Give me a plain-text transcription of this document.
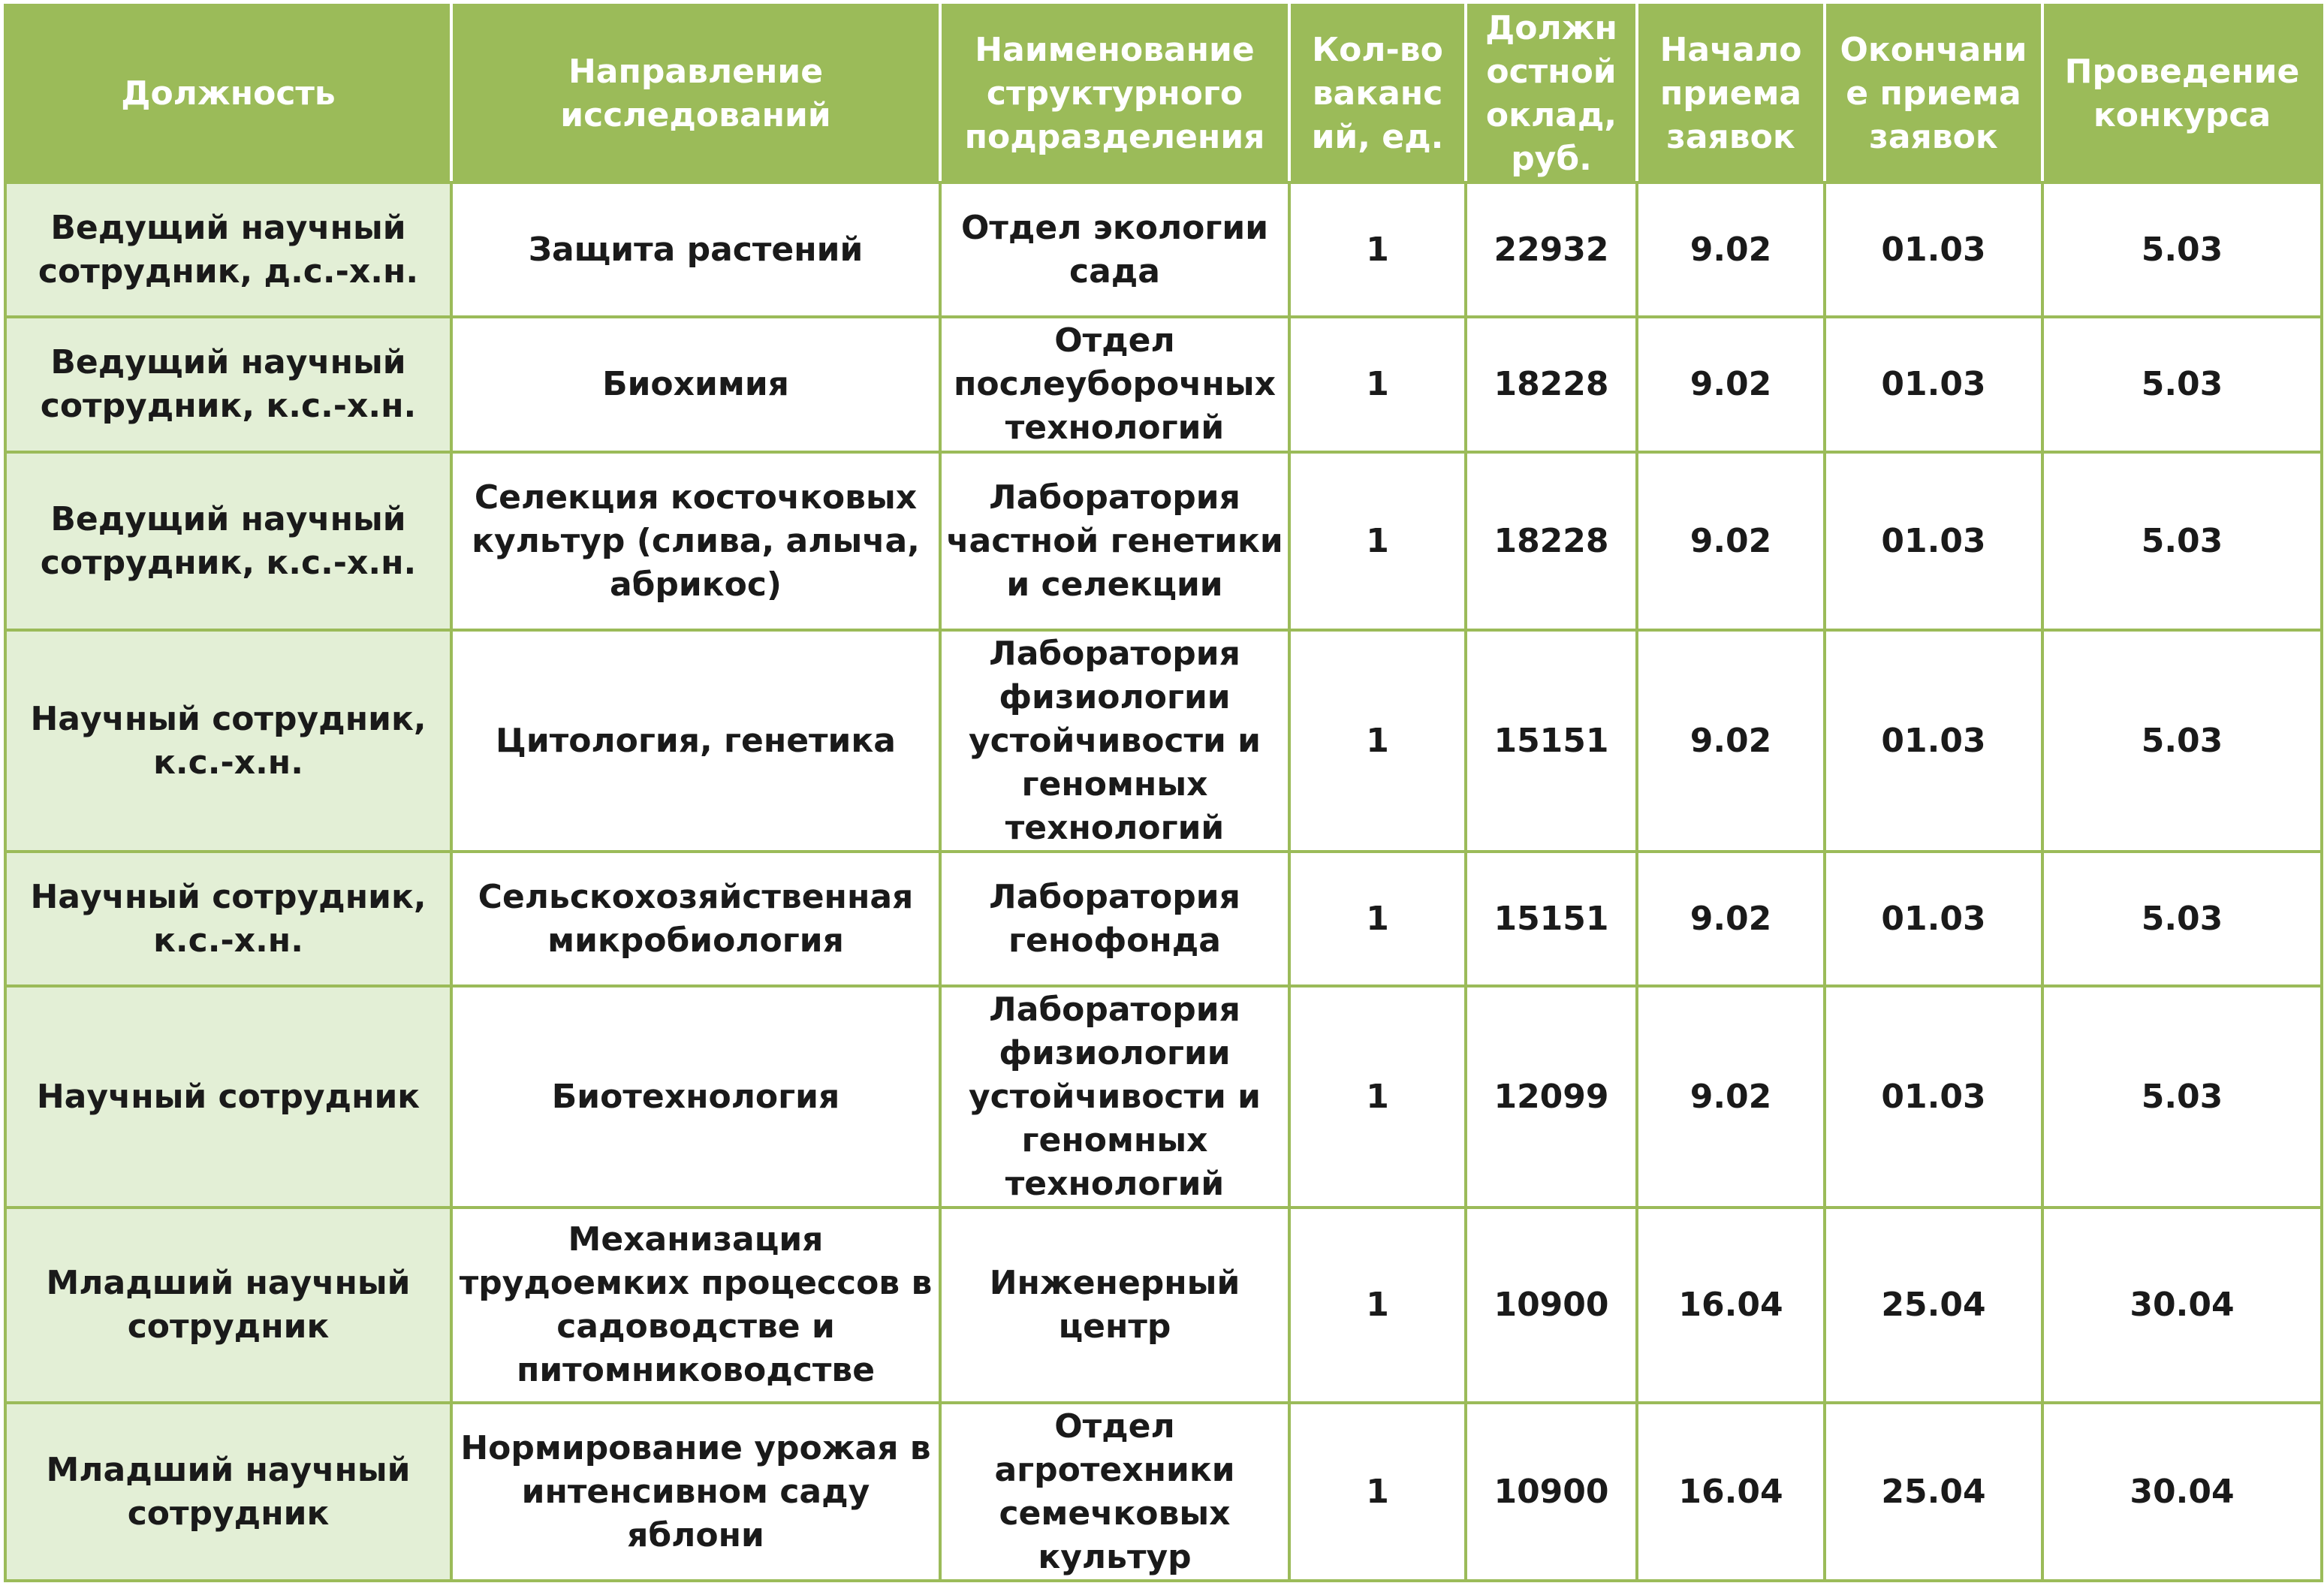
Должность	Направление исследований	Наименование структурного подразделения	Кол-во ваканс ий, ед.	Должн остной оклад, руб.	Начало приема заявок	Окончани е приема заявок	Проведение конкурса

Ведущий научный сотрудник, д.с.-х.н.	Защита растений	Отдел экологии сада	1	22932	9.02	01.03	5.03
Ведущий научный сотрудник, к.с.-х.н.	Биохимия	Отдел послеуборочных технологий	1	18228	9.02	01.03	5.03
Ведущий научный сотрудник, к.с.-х.н.	Селекция косточковых культур (слива, алыча, абрикос)	Лаборатория частной генетики и селекции	1	18228	9.02	01.03	5.03
Научный сотрудник, к.с.-х.н.	Цитология, генетика	Лаборатория физиологии устойчивости и геномных технологий	1	15151	9.02	01.03	5.03
Научный сотрудник, к.с.-х.н.	Сельскохозяйственная микробиология	Лаборатория генофонда	1	15151	9.02	01.03	5.03
Научный сотрудник	Биотехнология	Лаборатория физиологии устойчивости и геномных технологий	1	12099	9.02	01.03	5.03
Младший научный сотрудник	Механизация трудоемких процессов в садоводстве и питомниководстве	Инженерный центр	1	10900	16.04	25.04	30.04
Младший научный сотрудник	Нормирование урожая в интенсивном саду яблони	Отдел агротехники семечковых культур	1	10900	16.04	25.04	30.04
